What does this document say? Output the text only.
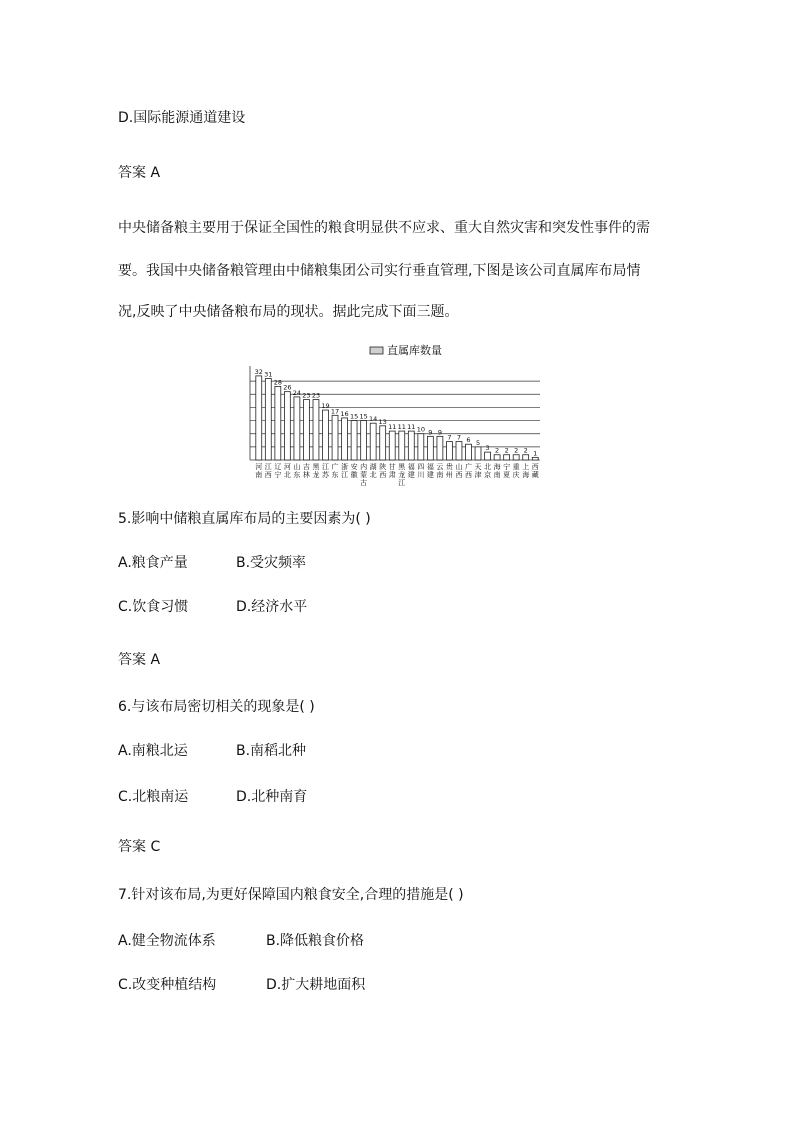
D.国际能源通道建设
答案 A
中央储备粮主要用于保证全国性的粮食明显供不应求、重大自然灾害和突发性事件的需
要。我国中央储备粮管理由中储粮集团公司实行垂直管理,下图是该公司直属库布局情
况,反映了中央储备粮布局的现状。据此完成下面三题。
直属库数量
32
河
南
31
江
西
28
辽
宁
26
河
北
24
山
东
23
吉
林
23
黑
龙
19
江
苏
17
广
东
16
浙
江
15
安
徽
15
内
蒙
古
14
湖
北
13
陕
西
11
甘
肃
11
黑
龙
江
11
福
建
10
四
川
9
福
建
9
云
南
7
贵
州
7
山
西
6
广
西
5
天
津
3
北
京
2
海
南
2
宁
夏
2
重
庆
2
上
海
1
西
藏
5.影响中储粮直属库布局的主要因素为( )
A.粮食产量	B.受灾频率
C.饮食习惯	D.经济水平
答案 A
6.与该布局密切相关的现象是( )
A.南粮北运	B.南稻北种
C.北粮南运	D.北种南育
答案 C
7.针对该布局,为更好保障国内粮食安全,合理的措施是( )
A.健全物流体系	B.降低粮食价格
C.改变种植结构	D.扩大耕地面积
